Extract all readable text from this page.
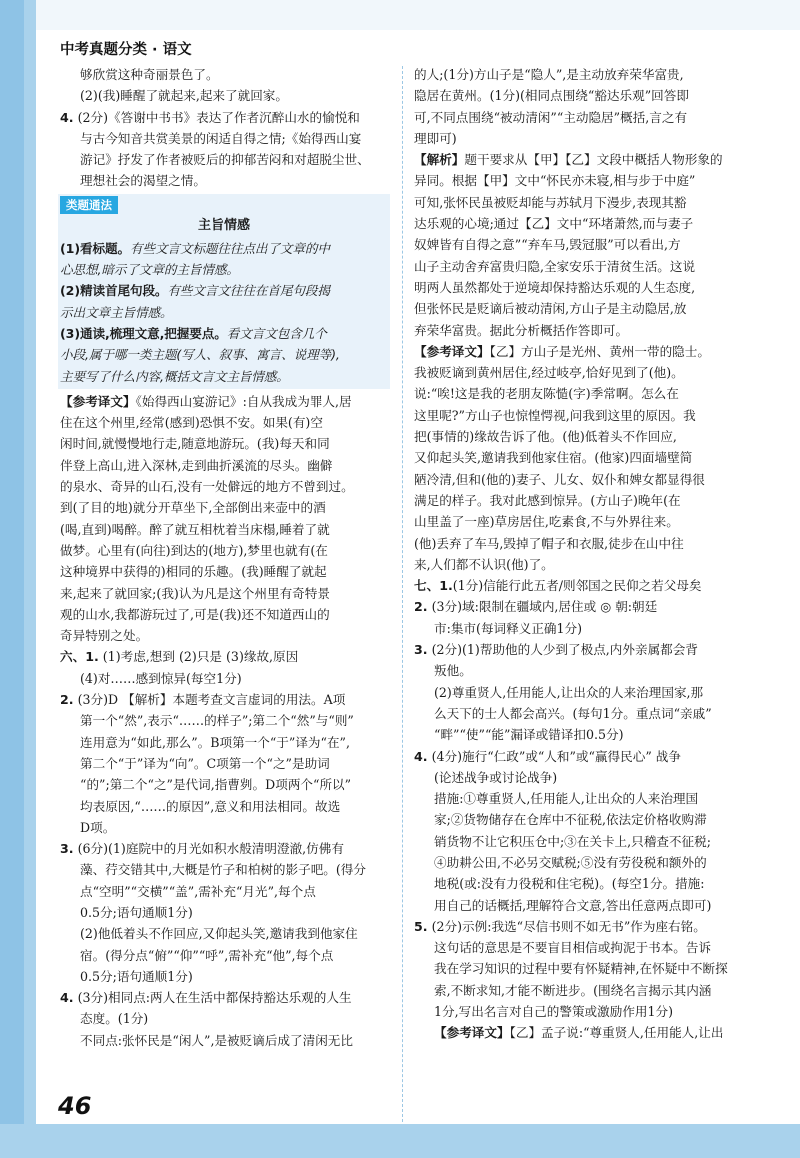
中考真题分类 · 语文
够欣赏这种奇丽景色了。
(2)(我)睡醒了就起来,起来了就回家。
4. (2分)《答谢中书书》表达了作者沉醉山水的愉悦和
与古今知音共赏美景的闲适自得之情;《始得西山宴
游记》抒发了作者被贬后的抑郁苦闷和对超脱尘世、
理想社会的渴望之情。
类题通法
主旨情感
(1)看标题。有些文言文标题往往点出了文章的中
心思想,暗示了文章的主旨情感。
(2)精读首尾句段。有些文言文往往在首尾句段揭
示出文章主旨情感。
(3)通读,梳理文意,把握要点。看文言文包含几个
小段,属于哪一类主题(写人、叙事、寓言、说理等),
主要写了什么内容,概括文言文主旨情感。
【参考译文】《始得西山宴游记》:自从我成为罪人,居
住在这个州里,经常(感到)恐惧不安。如果(有)空
闲时间,就慢慢地行走,随意地游玩。(我)每天和同
伴登上高山,进入深林,走到曲折溪流的尽头。幽僻
的泉水、奇异的山石,没有一处僻远的地方不曾到过。
到(了目的地)就分开草坐下,全部倒出来壶中的酒
(喝,直到)喝醉。醉了就互相枕着当床榻,睡着了就
做梦。心里有(向往)到达的(地方),梦里也就有(在
这种境界中获得的)相同的乐趣。(我)睡醒了就起
来,起来了就回家;(我)认为凡是这个州里有奇特景
观的山水,我都游玩过了,可是(我)还不知道西山的
奇异特别之处。
六、1. (1)考虑,想到 (2)只是 (3)缘故,原因
(4)对……感到惊异(每空1分)
2. (3分)D 【解析】本题考查文言虚词的用法。A项
第一个“然”,表示“……的样子”;第二个“然”与“则”
连用意为“如此,那么”。B项第一个“于”译为“在”,
第二个“于”译为“向”。C项第一个“之”是助词
“的”;第二个“之”是代词,指曹刿。D项两个“所以”
均表原因,“……的原因”,意义和用法相同。故选
D项。
3. (6分)(1)庭院中的月光如积水般清明澄澈,仿佛有
藻、荇交错其中,大概是竹子和柏树的影子吧。(得分
点“空明”“交横”“盖”,需补充“月光”,每个点
0.5分;语句通顺1分)
(2)他低着头不作回应,又仰起头笑,邀请我到他家住
宿。(得分点“俯”“仰”“呼”,需补充“他”,每个点
0.5分;语句通顺1分)
4. (3分)相同点:两人在生活中都保持豁达乐观的人生
态度。(1分)
不同点:张怀民是“闲人”,是被贬谪后成了清闲无比
的人;(1分)方山子是“隐人”,是主动放弃荣华富贵,
隐居在黄州。(1分)(相同点围绕“豁达乐观”回答即
可,不同点围绕“被动清闲”“主动隐居”概括,言之有
理即可)
【解析】题干要求从【甲】【乙】文段中概括人物形象的
异同。根据【甲】文中“怀民亦未寝,相与步于中庭”
可知,张怀民虽被贬却能与苏轼月下漫步,表现其豁
达乐观的心境;通过【乙】文中“环堵萧然,而与妻子
奴婢皆有自得之意”“弃车马,毁冠服”可以看出,方
山子主动舍弃富贵归隐,全家安乐于清贫生活。这说
明两人虽然都处于逆境却保持豁达乐观的人生态度,
但张怀民是贬谪后被动清闲,方山子是主动隐居,放
弃荣华富贵。据此分析概括作答即可。
【参考译文】【乙】方山子是光州、黄州一带的隐士。
我被贬谪到黄州居住,经过岐亭,恰好见到了(他)。
说:“唉!这是我的老朋友陈慥(字)季常啊。怎么在
这里呢?”方山子也惊惶愕视,问我到这里的原因。我
把(事情的)缘故告诉了他。(他)低着头不作回应,
又仰起头笑,邀请我到他家住宿。(他家)四面墙壁简
陋冷清,但和(他的)妻子、儿女、奴仆和婢女都显得很
满足的样子。我对此感到惊异。(方山子)晚年(在
山里盖了一座)草房居住,吃素食,不与外界往来。
(他)丢弃了车马,毁掉了帽子和衣服,徒步在山中往
来,人们都不认识(他)了。
七、1.(1分)信能行此五者/则邻国之民仰之若父母矣
2. (3分)域:限制在疆域内,居住或 ◎ 朝:朝廷
市:集市(每词释义正确1分)
3. (2分)(1)帮助他的人少到了极点,内外亲属都会背
叛他。
(2)尊重贤人,任用能人,让出众的人来治理国家,那
么天下的士人都会高兴。(每句1分。重点词“亲戚”
“畔”“使”“能”漏译或错译扣0.5分)
4. (4分)施行“仁政”或“人和”或“赢得民心” 战争
(论述战争或讨论战争)
措施:①尊重贤人,任用能人,让出众的人来治理国
家;②货物储存在仓库中不征税,依法定价格收购滞
销货物不让它积压仓中;③在关卡上,只稽查不征税;
④助耕公田,不必另交赋税;⑤没有劳役税和额外的
地税(或:没有力役税和住宅税)。(每空1分。措施:
用自己的话概括,理解符合文意,答出任意两点即可)
5. (2分)示例:我选“尽信书则不如无书”作为座右铭。
这句话的意思是不要盲目相信或拘泥于书本。告诉
我在学习知识的过程中要有怀疑精神,在怀疑中不断探
索,不断求知,才能不断进步。(围绕名言揭示其内涵
1分,写出名言对自己的警策或激励作用1分)
【参考译文】【乙】孟子说:“尊重贤人,任用能人,让出
46
